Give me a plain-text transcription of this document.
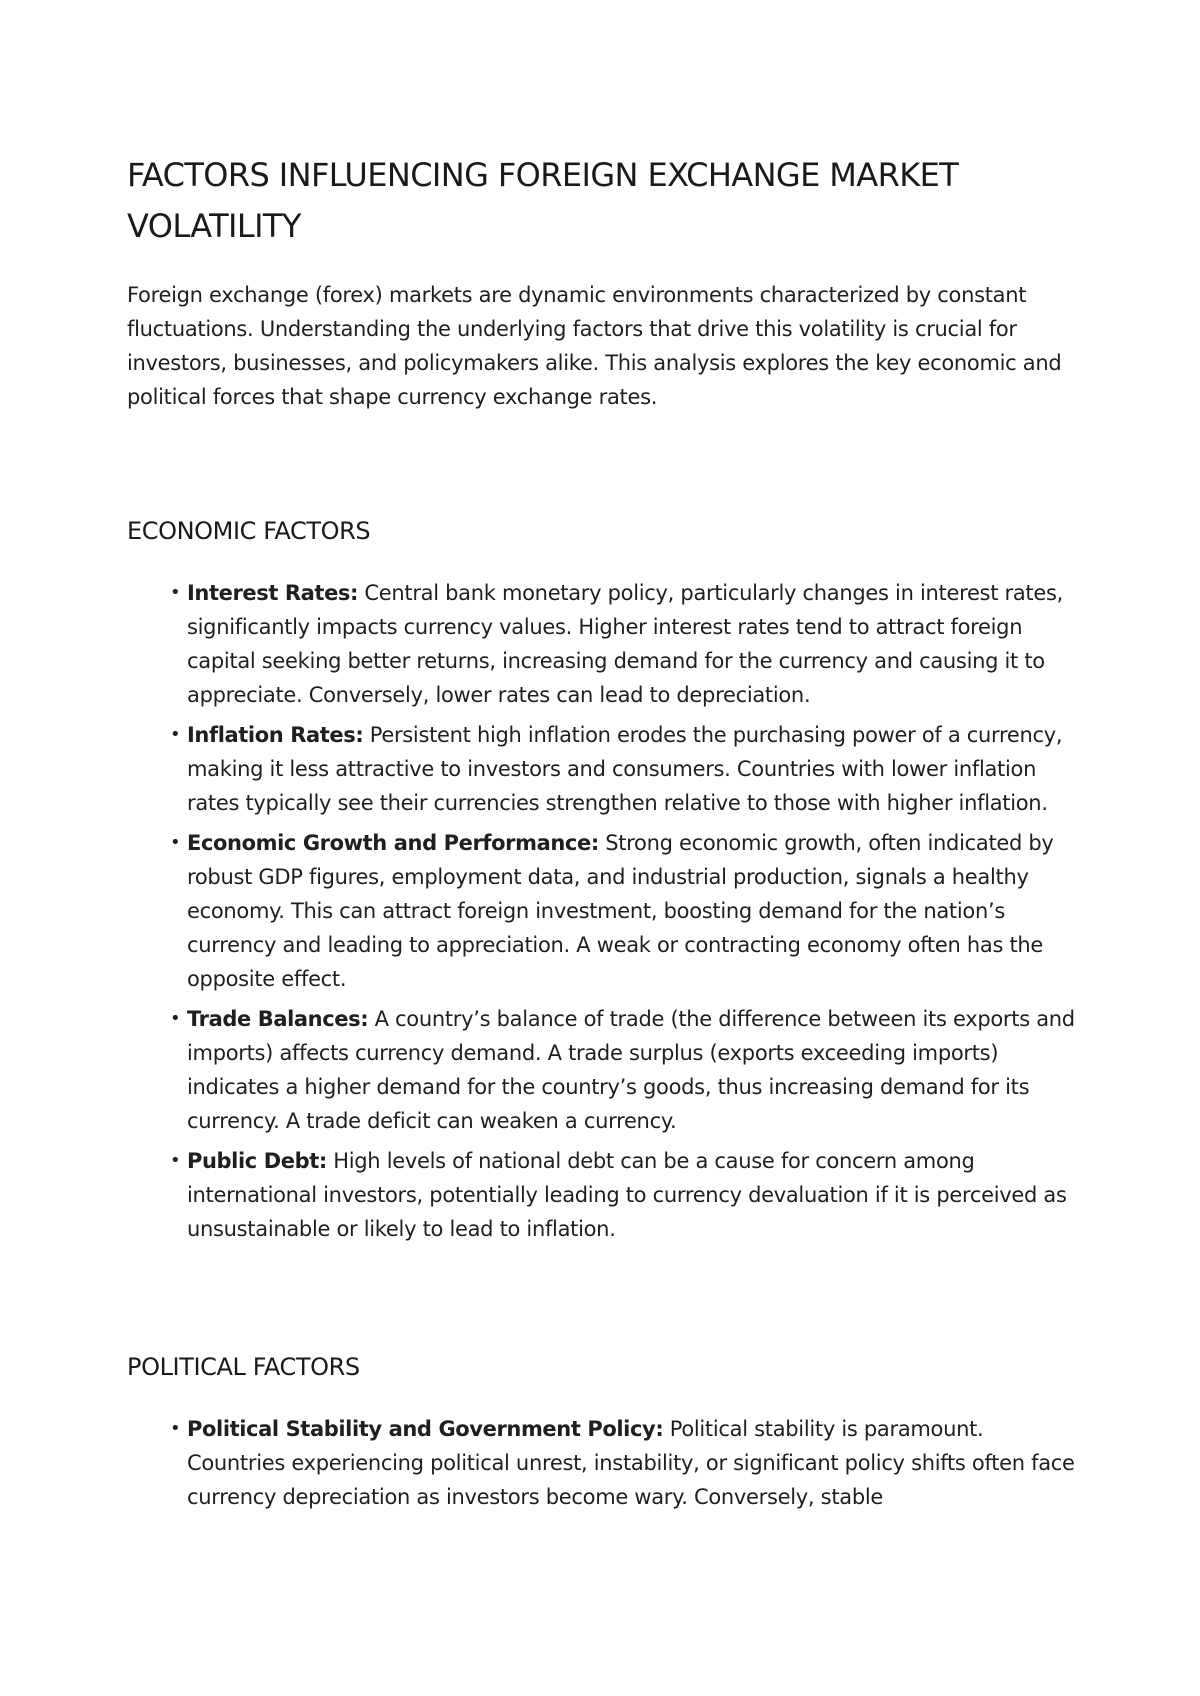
FACTORS INFLUENCING FOREIGN EXCHANGE MARKET VOLATILITY

Foreign exchange (forex) markets are dynamic environments characterized by constant fluctuations. Understanding the underlying factors that drive this volatility is crucial for investors, businesses, and policymakers alike. This analysis explores the key economic and political forces that shape currency exchange rates.

ECONOMIC FACTORS
• Interest Rates: Central bank monetary policy, particularly changes in interest rates, significantly impacts currency values. Higher interest rates tend to attract foreign capital seeking better returns, increasing demand for the currency and causing it to appreciate. Conversely, lower rates can lead to depreciation.
• Inflation Rates: Persistent high inflation erodes the purchasing power of a currency, making it less attractive to investors and consumers. Countries with lower inflation rates typically see their currencies strengthen relative to those with higher inflation.
• Economic Growth and Performance: Strong economic growth, often indicated by robust GDP figures, employment data, and industrial production, signals a healthy economy. This can attract foreign investment, boosting demand for the nation’s currency and leading to appreciation. A weak or contracting economy often has the opposite effect.
• Trade Balances: A country’s balance of trade (the difference between its exports and imports) affects currency demand. A trade surplus (exports exceeding imports) indicates a higher demand for the country’s goods, thus increasing demand for its currency. A trade deficit can weaken a currency.
• Public Debt: High levels of national debt can be a cause for concern among international investors, potentially leading to currency devaluation if it is perceived as unsustainable or likely to lead to inflation.
POLITICAL FACTORS
• Political Stability and Government Policy: Political stability is paramount. Countries experiencing political unrest, instability, or significant policy shifts often face currency depreciation as investors become wary. Conversely, stable
